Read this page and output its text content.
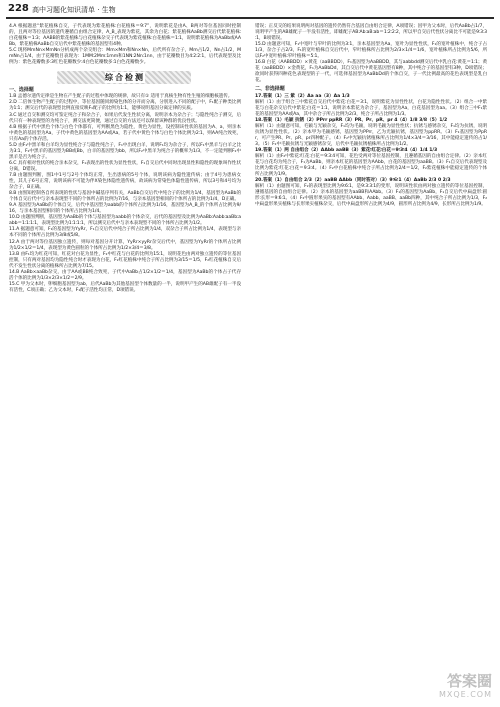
228 高中习题化知识清单 · 生物

4.A 根据题意“紫花植株自交，子代表现为紫花植株∶白花植株＝9∶7”，说明紫花是由A、B两对等位基因同时控制的，且两对等位基因的遗传遵循自由组合定律，A_B_表现为紫花，其余为白花；紫花植株AaBb测交后代紫花植株∶白花植株＝1∶3；AABB的紫花植株与白花植株杂交子代表现为紫花植株∶白花植株＝1∶1，说明紫花植株为AaBb或AABb，紫花植株AaBb自交后代中紫花植株的基因型有4种。

5.C 现将MmNn×MmNn分析成两个杂交组合：Mm×Mm和Nn×Nn，后代所有杂合子，Mm占1/2，Nn占1/2，MmNn占1/4，由于花瓣数目表现为：1MM∶2Mm∶1mm和1NN∶2Nn∶1nn，由于花瓣数目为4∶2∶2∶1，后代表现型及比例为：紫色花瓣数多∶3红色花瓣数少∶4白色花瓣数多∶1白色花瓣数少。

综合检测
一、选择题

1.B 孟德尔遗传定律是生物在产生配子的过程中体现的规律，故只有① 适用于真核生物有性生殖的细胞核遗传。

2.D 二倍体生物产生配子的过程中，等位基因随同源染色体的分开而分离，分别进入不同的配子中，F₁配子种类比例为1∶1；测交后代的表现型比例直接反映F₁配子的比例为1∶1，能够说明基因分离定律的实质。

3.C 通过自交和测交均可鉴定纯合子和杂合子，如果后代发生性状分离，说明亲本为杂合子；与隐性纯合子测交，后代只有一种表现型的为纯合子，测交法更简便，通过自交的方法还可以保留该种群的优良性状。

4.B 根据子代中黑色个体与白色个体都有，可判断黑色为隐性，黄色为显性，设控制该性状的基因为A、a，则亲本中黄色的基因型为Aa，子代中黄色的基因型为AA或Aa，若子代中黄色个体与白色个体比例为2∶1，则AA纯合致死，只有Aa的个体存活。

5.D 由F₁中黑羊和白羊均为显性纯合子与隐性纯合子，F₁中出现白羊，说明F₁均为杂合子，所以F₁中黑羊与白羊之比为3∶1，F₂中黑羊的基因型为BB或Bb，白羊的基因型为bb，所以F₂中黑羊为纯合子的概率为1/3，不一定能判断F₂中黑羊是否为纯合子。

6.C 具有相对性状的纯合亲本杂交，F₁表现出的性状为显性性状，F₁自交后代中同时出现显性和隐性的现象叫作性状分离，D错误。

7.B 由题图判断，图1中1号与2号个体均正常，生出患病的5号个体，说明该病为隐性遗传病；由于4号为患病女性，其儿子6号正常，说明该病不可能为伴X染色体隐性遗传病，故该病为常染色体隐性遗传病，所以3号和4号均为杂合子，B正确。

8.B 由图知控制各自所表现的性状与基因中碱基序列有关，AaBb自交后代中纯合子的比例为1/4，基因型为AaBb的个体自交后代中与亲本表现型不同的个体所占的比例为7/16，与亲本基因型相同的个体所占的比例为1/4，D正确。

9.A 基因型为AaBb的个体自交，后代中基因型为aabb的个体所占比例为1/16，基因型为A_B_的个体所占比例为9/16，与亲本基因型相同的个体所占比例为1/4。

10.D 由题图判断，基因型为AaBb的个体与基因型为aabb的个体杂交，后代的基因型及比例为AaBb∶Aabb∶aaBb∶aabb＝1∶1∶1∶1，表现型比例为1∶1∶1∶1，所以测交后代中与亲本表现型不同的个体所占比例为1/2。

11.A 据题意可知，F₁的基因型为YyRr，F₁自交后代中纯合子所占比例为1/4，双杂合子所占比例为1/4，表现型与亲本不同的个体所占比例为3/8或5/8。

12.A 由于两对等位基因独立遗传，则每对基因分开计算，YyRr×yyRr杂交后代中，基因型为YyRr的个体所占比例为1/2×1/2＝1/4，表现型为黄色圆粒的个体所占比例为1/2×3/4＝3/8。

13.B 由F₁均为红花可知，红花对白花为显性，F₂中红花与白花的比例为15∶1，说明花色由两对独立遗传的等位基因控制，只有两对基因均为隐性纯合时才表现为白花，F₂红花植株中纯合子所占比例为3/15＝1/5，F₂红花植株自交后代不发生性状分离的植株所占比例为7/15。

14.B AaBb×aaBb杂交，由于AA或BB纯合致死，子代中AaBb占1/2×1/2＝1/4，基因型为AaBb的个体占子代存活个体的比例为1/3×2/3×1/2＝2/9。

15.C 甲为父本时，卵细胞基因型为ab，后代AaBb为其他基因型个体数量的一半，说明甲产生的AB雄配子有一半没有活性，C项正确；乙为父本时，F₁配子活性均正常，D项错误。

错误；正反交的结果说明两对基因的遗传仍然符合基因自由组合定律，A项错误；因甲为父本时，后代AaBb占1/7，说明甲产生的AB雄配子一半没有活性，即雄配子AB∶Ab∶aB∶ab＝1∶2∶2∶2，所以甲自交后代性状分离比不可能是9∶3∶3∶1，B项错误。

15.D 由题意可知，F₁中宽叶与窄叶的比例为3∶1，亲本基因型为Aa，宽叶为显性性状，F₁的宽叶植株中，纯合子占1/3，杂合子占2/3，F₁的宽叶植株自交后代中，窄叶植株所占比例为2/3×1/4＝1/6，宽叶植株所占比例为5/6，所以F₂中宽叶植株∶窄叶植株＝5∶1。

16.B 白花（AABBDD）×黄花（aaBBDD），F₁基因型为AaBBDD，其与aabbdd测交后代中乳白花∶黄花＝1∶1；黄花（aaBBDD）×金黄花，F₁为AaBbDd，其自交后代中黄花基因型有8种，其中纯合子的基因型有3种，D项错误；欲同时获得四种花色表现型的子一代，可选择基因型为AaBbDd的个体自交，子一代比例最高的花色表现型是乳白花。

二、非选择题

17.答案（1）三 紫（2）Aa aa（3）Aa 1/3

解析（1）由于组合三中紫花自交后代中紫花∶白花＝3∶1，说明紫花为显性性状，白花为隐性性状。（2）组合一中紫花与白花杂交后代中紫花∶白花＝1∶1，说明亲本紫花为杂合子，基因型为Aa，白花基因型为aa。（3）组合三中F₁紫花的基因型为AA或Aa，其中杂合子所占比例为2/3，纯合子所占比例为1/3。

18.答案（1）毛颖 抗锈（2）PPrr ppRR（3）PR、Pr、pR、pr 4（4）1/8 3/8（5）1/2

解析（1）由题意可知，毛颖与光颖杂交，F₁均为毛颖，说明毛颖为显性性状；抗锈与感锈杂交，F₁均为抗锈，说明抗锈为显性性状。（2）亲本甲为毛颖感锈，基因型为PPrr，乙为光颖抗锈，基因型为ppRR。（3）F₁基因型为PpRr，可产生PR、Pr、pR、pr四种配子。（4）F₂中光颖抗锈植株所占比例为1/4×3/4＝3/16，其中能稳定遗传的占1/3。（5）F₂中毛颖抗锈与光颖感锈杂交，后代中毛颖抗锈植株所占比例为1/2。

19.答案（1）两 自由组合（2）AAbb aaBB（3）紫花∶红花∶白花＝9∶3∶4（4）1/4 1/3

解析（1）由F₂中紫花∶红花∶白花＝9∶3∶4可知，花色受两对等位基因控制，且遵循基因的自由组合定律。（2）亲本红花与白花均为纯合子，F₁为AaBb，则亲本红花的基因型为AAbb，白花的基因型为aaBB。（3）F₁自交后代表现型及比例为紫花∶红花∶白花＝9∶3∶4。（4）F₂中白花植株中纯合子所占比例为2/4＝1/2，F₂紫花植株中能稳定遗传的个体所占比例为1/9。

20.答案（1）自由组合 2/3（2）aaBB AAbb（同时答对）（3）9∶6∶1（4）AaBb 2/3 0 2/3

解析（1）由题图可知，F₂的表现型比例为9∶6∶1，是9∶3∶3∶1的变形，说明该性状由两对独立遗传的等位基因控制，遵循基因的自由组合定律。（2）亲本的基因型为aaBB和AAbb。（3）F₁的基因型为AaBb，F₁自交后代中扁盘形∶圆形∶长形＝9∶6∶1。（4）F₂中圆形果实的基因型有AAbb、Aabb、aaBB、aaBb四种，其中纯合子所占比例为1/3，F₂中扁盘形果实植株与长形果实植株杂交，后代中扁盘形所占比例为4/9，圆形所占比例为4/9，长形所占比例为1/9。

答案圈
MXQE.COM
